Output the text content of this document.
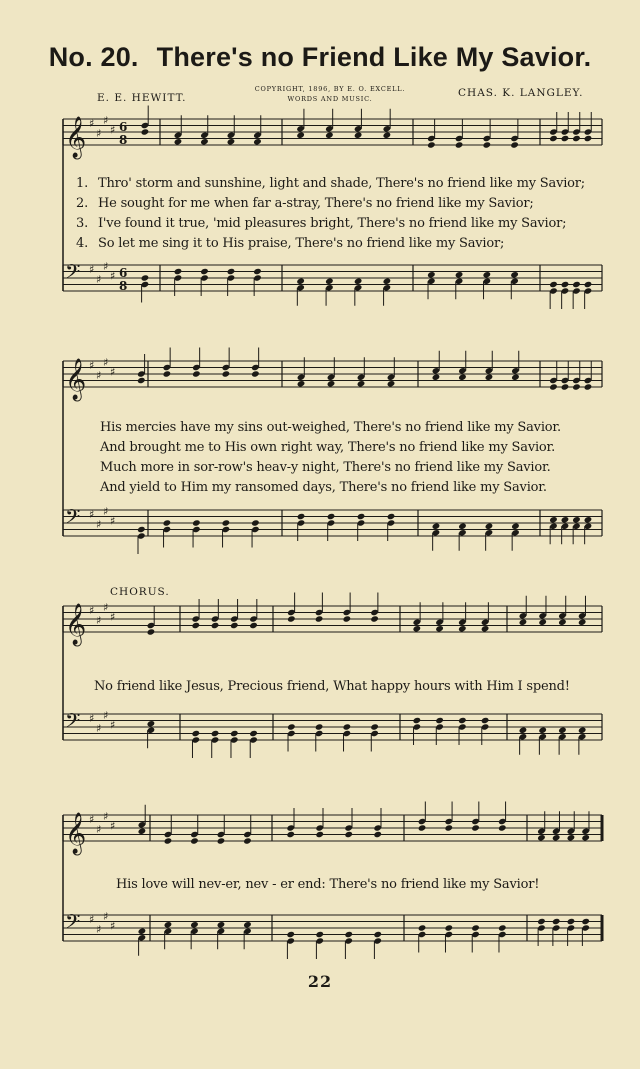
No. 20. There's no Friend Like My Savior.
E. E. HEWITT.	CHAS. K. LANGLEY.
COPYRIGHT, 1896, BY E. O. EXCELL.
WORDS AND MUSIC.
𝄞 ♯
♯
♯
♯ 6
8
𝄢 ♯
♯
♯
♯ 6
8
𝄞 ♯
♯
♯
♯
𝄢 ♯
♯
♯
♯
𝄞 ♯
♯
♯
♯
𝄢 ♯
♯
♯
♯
𝄞 ♯
♯
♯
♯
𝄢 ♯
♯
♯
♯
1. Thro' storm and sunshine, light and shade, There's no friend like my Savior;
2. He sought for me when far a-stray, There's no friend like my Savior;
3. I've found it true, 'mid pleasures bright, There's no friend like my Savior;
4. So let me sing it to His praise, There's no friend like my Savior;
His mercies have my sins out-weighed, There's no friend like my Savior.
And brought me to His own right way, There's no friend like my Savior.
Much more in sor-row's heav-y night, There's no friend like my Savior.
And yield to Him my ransomed days, There's no friend like my Savior.
CHORUS.
No friend like Jesus, Precious friend, What happy hours with Him I spend!
His love will nev-er, nev - er end: There's no friend like my Savior!
22
